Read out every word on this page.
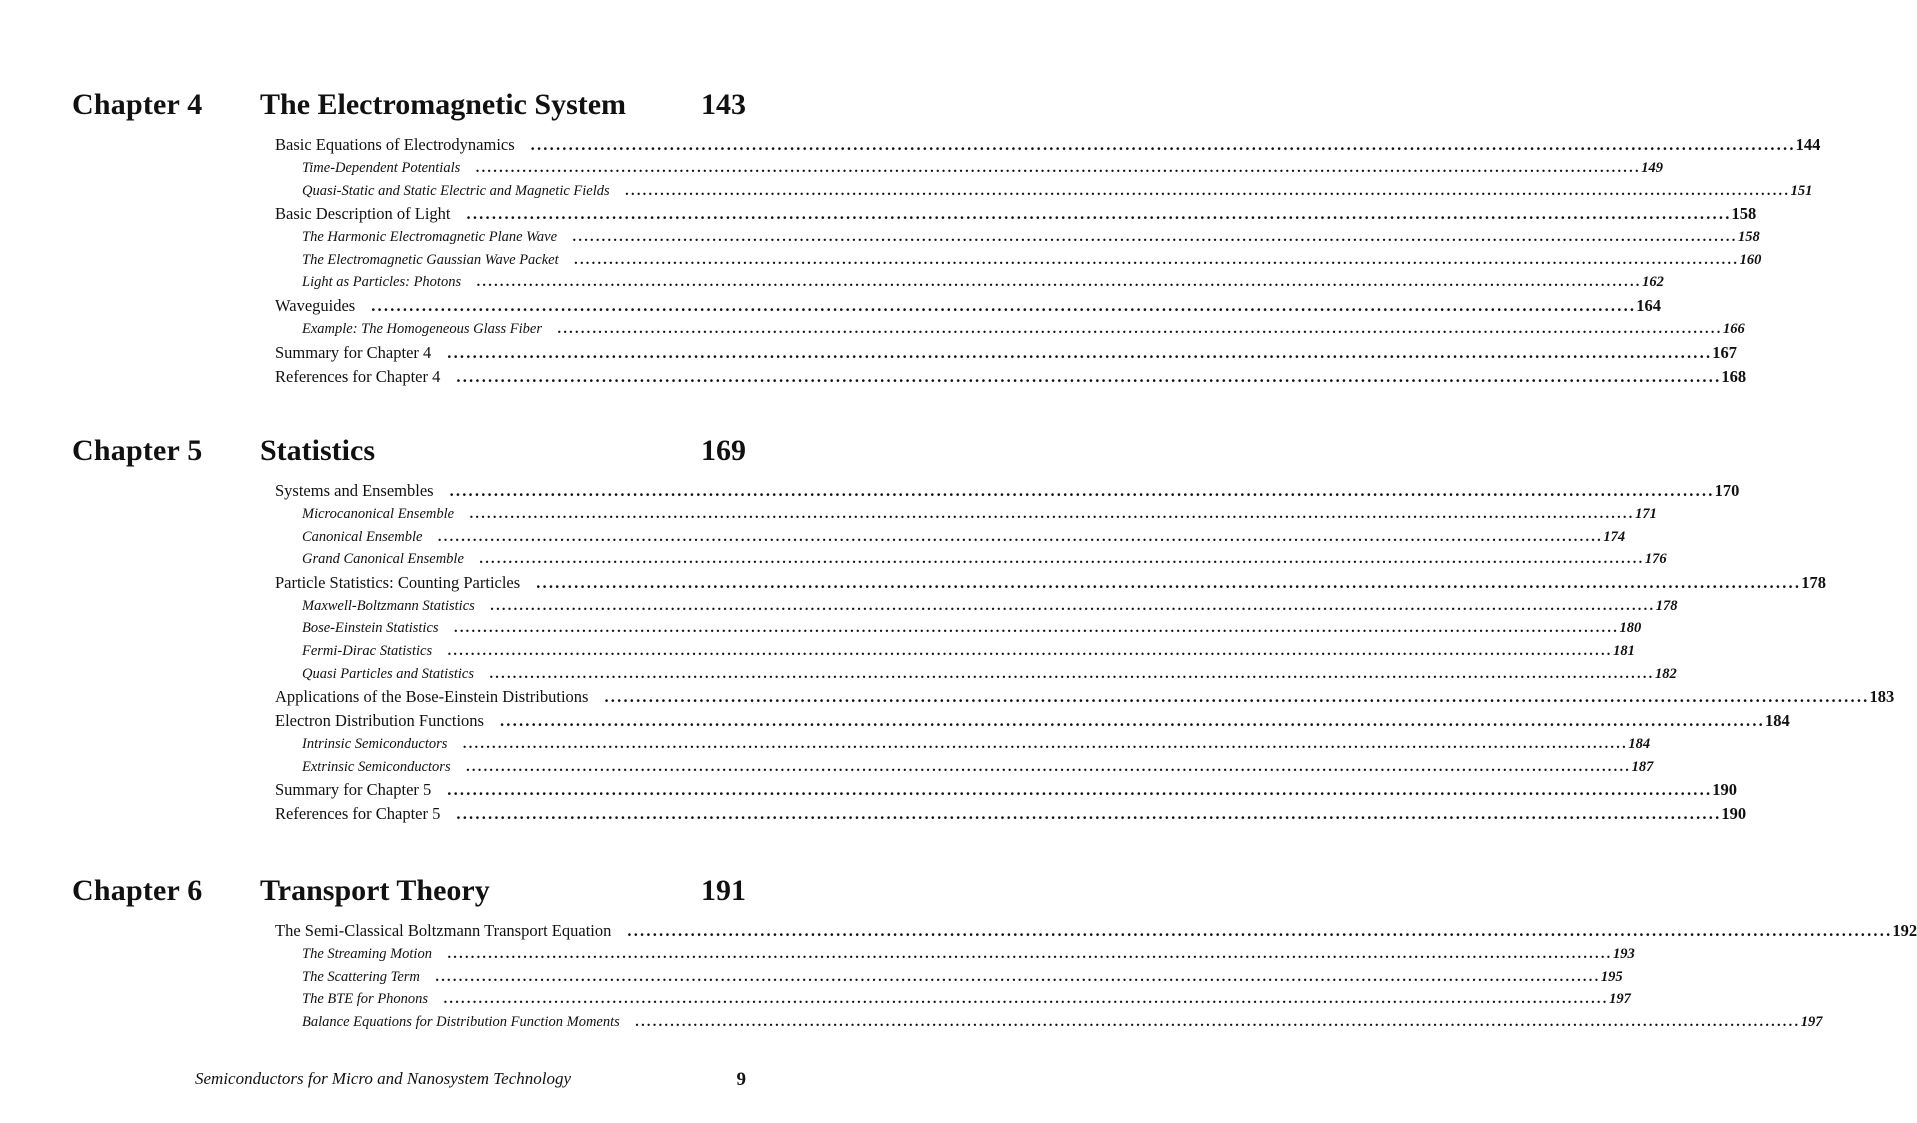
Chapter 4 The Electromagnetic System 143
Basic Equations of Electrodynamics ........................................................................................................................................................................................................ 144
Time-Dependent Potentials	........................................................................................................................................................................................................ 149
Quasi-Static and Static Electric and Magnetic Fields	........................................................................................................................................................................................................ 151
Basic Description of Light ........................................................................................................................................................................................................ 158
The Harmonic Electromagnetic Plane Wave	........................................................................................................................................................................................................ 158
The Electromagnetic Gaussian Wave Packet	........................................................................................................................................................................................................ 160
Light as Particles: Photons	........................................................................................................................................................................................................ 162
Waveguides ........................................................................................................................................................................................................ 164
Example: The Homogeneous Glass Fiber	........................................................................................................................................................................................................ 166
Summary for Chapter 4 ........................................................................................................................................................................................................ 167
References for Chapter 4 ........................................................................................................................................................................................................ 168
Chapter 5 Statistics	169
Systems and Ensembles ........................................................................................................................................................................................................ 170
Microcanonical Ensemble	........................................................................................................................................................................................................ 171
Canonical Ensemble	........................................................................................................................................................................................................ 174
Grand Canonical Ensemble	........................................................................................................................................................................................................ 176
Particle Statistics: Counting Particles ........................................................................................................................................................................................................ 178
Maxwell-Boltzmann Statistics	........................................................................................................................................................................................................ 178
Bose-Einstein Statistics	........................................................................................................................................................................................................ 180
Fermi-Dirac Statistics	........................................................................................................................................................................................................ 181
Quasi Particles and Statistics	........................................................................................................................................................................................................ 182
Applications of the Bose-Einstein Distributions ........................................................................................................................................................................................................ 183
Electron Distribution Functions ........................................................................................................................................................................................................ 184
Intrinsic Semiconductors	........................................................................................................................................................................................................ 184
Extrinsic Semiconductors	........................................................................................................................................................................................................ 187
Summary for Chapter 5 ........................................................................................................................................................................................................ 190
References for Chapter 5 ........................................................................................................................................................................................................ 190
Chapter 6 Transport Theory	191
The Semi-Classical Boltzmann Transport Equation ........................................................................................................................................................................................................ 192
The Streaming Motion	........................................................................................................................................................................................................ 193
The Scattering Term	........................................................................................................................................................................................................ 195
The BTE for Phonons	........................................................................................................................................................................................................ 197
Balance Equations for Distribution Function Moments	........................................................................................................................................................................................................ 197
Semiconductors for Micro and Nanosystem Technology	9
